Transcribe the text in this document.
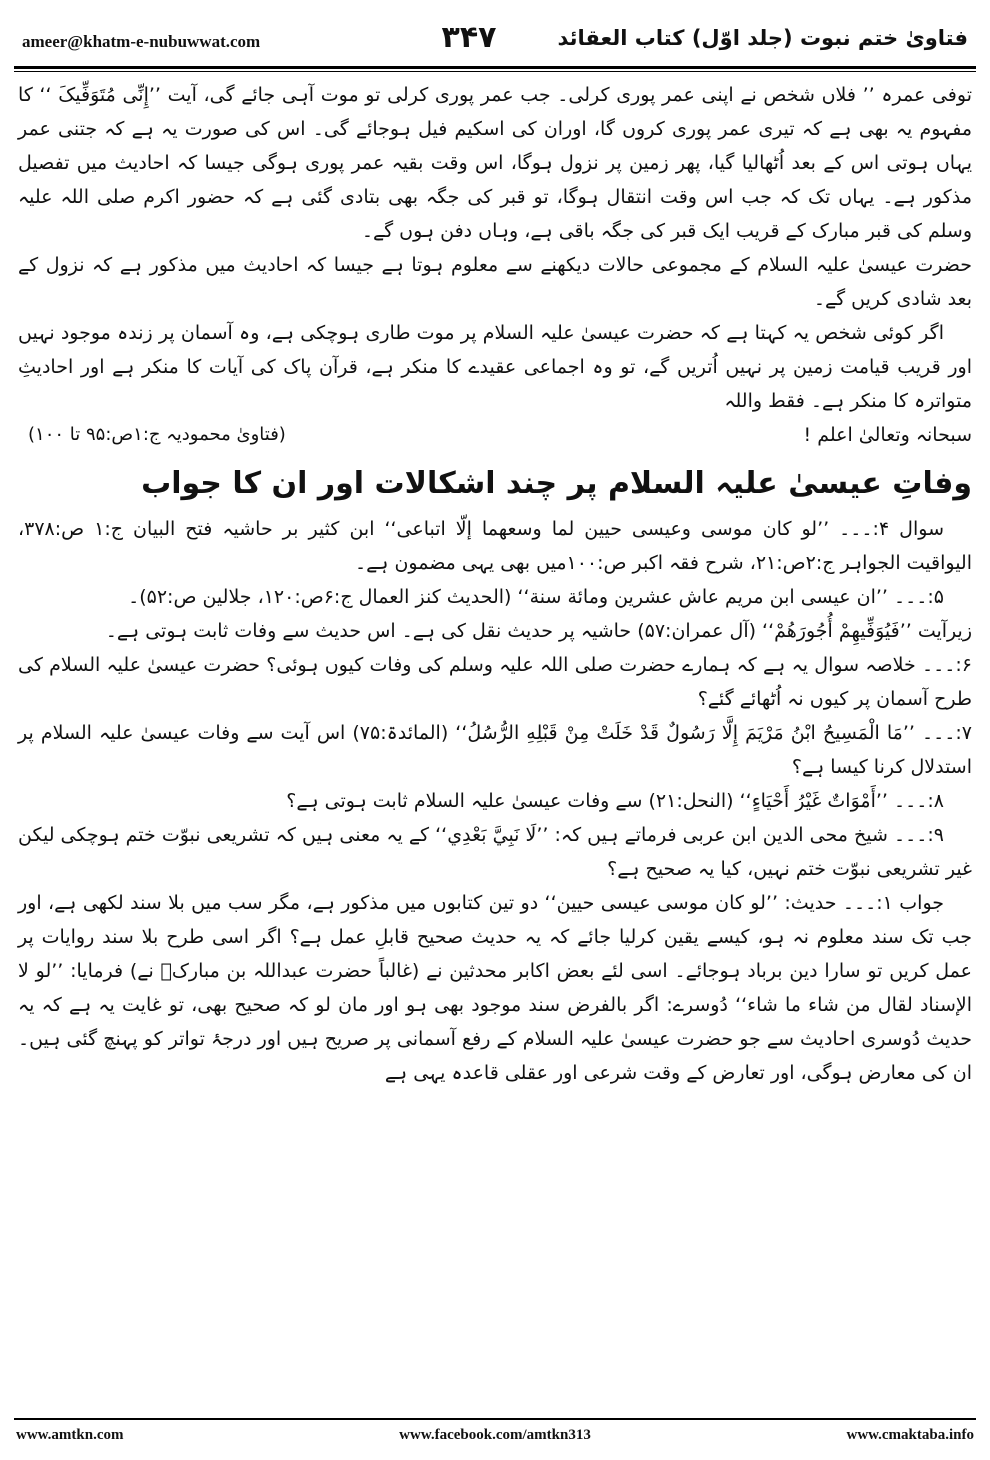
ameer@khatm-e-nubuwwat.com	۳۴۷	فتاویٰ ختم نبوت (جلد اوّل) کتاب العقائد

توفی عمرہ ’’ فلاں شخص نے اپنی عمر پوری کرلی۔ جب عمر پوری کرلی تو موت آہی جائے گی، آیت ’’إِنِّی مُتَوَفِّیکَ ‘‘ کا مفہوم یہ بھی ہے کہ تیری عمر پوری کروں گا، اوران کی اسکیم فیل ہوجائے گی۔ اس کی صورت یہ ہے کہ جتنی عمر یہاں ہوتی اس کے بعد اُٹھالیا گیا، پھر زمین پر نزول ہوگا، اس وقت بقیہ عمر پوری ہوگی جیسا کہ احادیث میں تفصیل مذکور ہے۔ یہاں تک کہ جب اس وقت انتقال ہوگا، تو قبر کی جگہ بھی بتادی گئی ہے کہ حضور اکرم صلی اللہ علیہ وسلم کی قبر مبارک کے قریب ایک قبر کی جگہ باقی ہے، وہاں دفن ہوں گے۔

حضرت عیسیٰ علیہ السلام کے مجموعی حالات دیکھنے سے معلوم ہوتا ہے جیسا کہ احادیث میں مذکور ہے کہ نزول کے بعد شادی کریں گے۔

اگر کوئی شخص یہ کہتا ہے کہ حضرت عیسیٰ علیہ السلام پر موت طاری ہوچکی ہے، وہ آسمان پر زندہ موجود نہیں اور قریب قیامت زمین پر نہیں اُتریں گے، تو وہ اجماعی عقیدے کا منکر ہے، قرآن پاک کی آیات کا منکر ہے اور احادیثِ متواترہ کا منکر ہے۔ فقط واللہ

سبحانہ وتعالیٰ اعلم !
(فتاویٰ محمودیہ ج:۱ص:۹۵ تا ۱۰۰)
وفاتِ عیسیٰ علیہ السلام پر چند اشکالات اور ان کا جواب

سوال ۴:۔۔۔ ’’لو کان موسی وعیسی حیین لما وسعهما إلّا اتباعی‘‘ ابن کثیر بر حاشیہ فتح البیان ج:۱ ص:۳۷۸، الیواقیت الجواہر ج:۲ص:۲۱، شرح فقہ اکبر ص:۱۰۰میں بھی یہی مضمون ہے۔

۵:۔۔۔ ’’ان عیسی ابن مریم عاش عشرین ومائة سنة‘‘ (الحدیث کنز العمال ج:۶ص:۱۲۰، جلالین ص:۵۲)۔

زیرآیت ’’فَيُوَفِّيهِمْ أُجُورَهُمْ‘‘ (آل عمران:۵۷) حاشیہ پر حدیث نقل کی ہے۔ اس حدیث سے وفات ثابت ہوتی ہے۔

۶:۔۔۔ خلاصہ سوال یہ ہے کہ ہمارے حضرت صلی اللہ علیہ وسلم کی وفات کیوں ہوئی؟ حضرت عیسیٰ علیہ السلام کی طرح آسمان پر کیوں نہ اُٹھائے گئے؟

۷:۔۔۔ ’’مَا الْمَسِيحُ ابْنُ مَرْيَمَ إِلَّا رَسُولٌ قَدْ خَلَتْ مِنْ قَبْلِهِ الرُّسُلُ‘‘ (المائدۃ:۷۵) اس آیت سے وفات عیسیٰ علیہ السلام پر استدلال کرنا کیسا ہے؟

۸:۔۔۔ ’’أَمْوَاتٌ غَيْرُ أَحْيَاءٍ‘‘ (النحل:۲۱) سے وفات عیسیٰ علیہ السلام ثابت ہوتی ہے؟

۹:۔۔۔ شیخ محی الدین ابن عربی فرماتے ہیں کہ: ’’لَا نَبِيَّ بَعْدِي‘‘ کے یہ معنی ہیں کہ تشریعی نبوّت ختم ہوچکی لیکن غیر تشریعی نبوّت ختم نہیں، کیا یہ صحیح ہے؟

جواب ۱:۔۔۔ حدیث: ’’لو کان موسی عیسی حیین‘‘ دو تین کتابوں میں مذکور ہے، مگر سب میں بلا سند لکھی ہے، اور جب تک سند معلوم نہ ہو، کیسے یقین کرلیا جائے کہ یہ حدیث صحیح قابلِ عمل ہے؟ اگر اسی طرح بلا سند روایات پر عمل کریں تو سارا دین برباد ہوجائے۔ اسی لئے بعض اکابر محدثین نے (غالباً حضرت عبداللہ بن مبارکؒ نے) فرمایا: ’’لو لا الإسناد لقال من شاء ما شاء‘‘ دُوسرے: اگر بالفرض سند موجود بھی ہو اور مان لو کہ صحیح بھی، تو غایت یہ ہے کہ یہ حدیث دُوسری احادیث سے جو حضرت عیسیٰ علیہ السلام کے رفع آسمانی پر صریح ہیں اور درجۂ تواتر کو پہنچ گئی ہیں۔ ان کی معارض ہوگی، اور تعارض کے وقت شرعی اور عقلی قاعدہ یہی ہے

www.facebook.com/amtkn313
www.amtkn.com	www.cmaktaba.info
